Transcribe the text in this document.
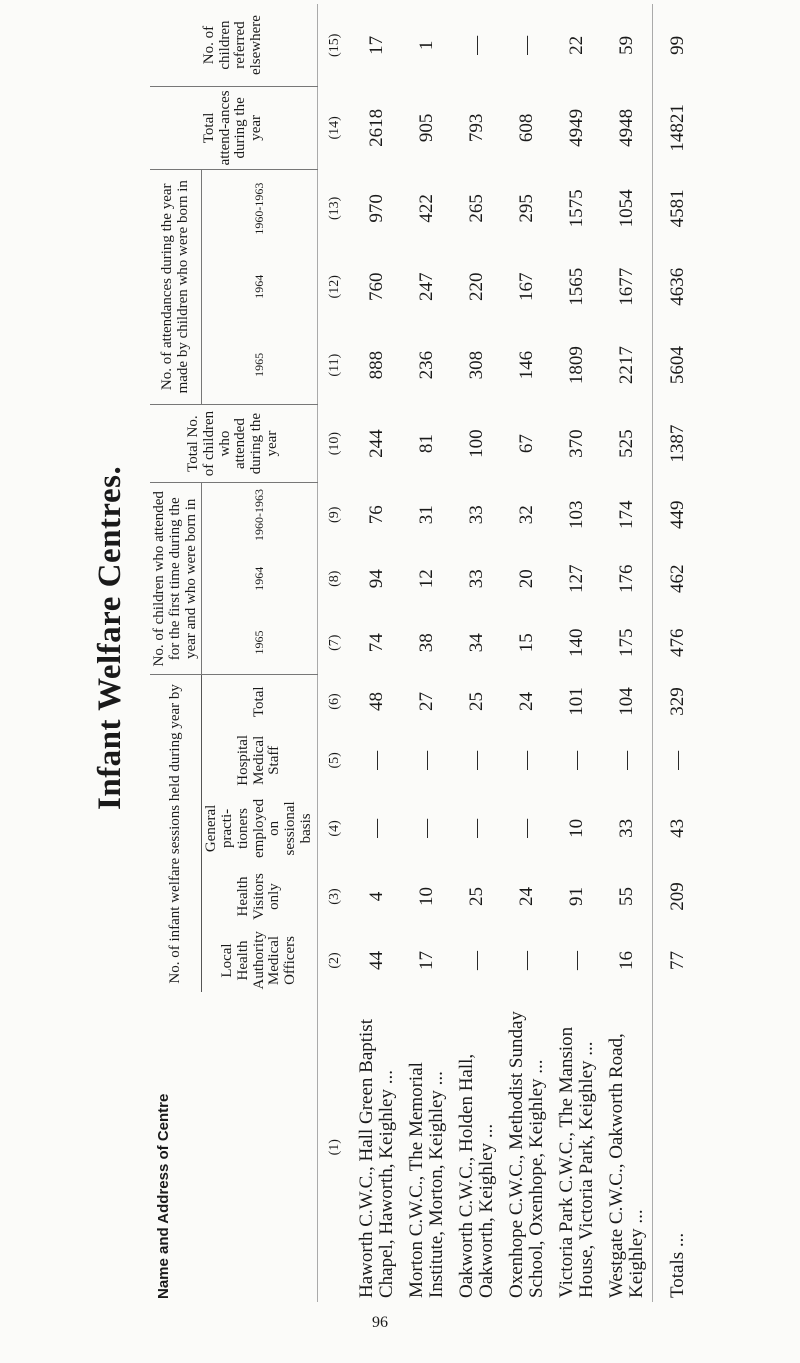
Infant Welfare Centres.
Name and Address of Centre	No. of infant welfare sessions held during year by					No. of children who attended for the first time during the year and who were born in			Total No. of children who attended during the year	No. of attendances during the year made by children who were born in			Total attend-ances during the year	No. of children referred elsewhere
	Local Health Authority Medical Officers	Health Visitors only	General practi-tioners employed on sessional basis	Hospital Medical Staff	Total									
						1965	1964	1960-1963		1965	1964	1960-1963		
(1)	(2)	(3)	(4)	(5)	(6)	(7)	(8)	(9)	(10)	(11)	(12)	(13)	(14)	(15)
Haworth C.W.C., Hall Green Baptist Chapel, Haworth, Keighley ...	44	4	—	—	48	74	94	76	244	888	760	970	2618	17
Morton C.W.C., The Memorial Institute, Morton, Keighley ...	17	10	—	—	27	38	12	31	81	236	247	422	905	1
Oakworth C.W.C., Holden Hall, Oakworth, Keighley ...	—	25	—	—	25	34	33	33	100	308	220	265	793	—
Oxenhope C.W.C., Methodist Sunday School, Oxenhope, Keighley ...	—	24	—	—	24	15	20	32	67	146	167	295	608	—
Victoria Park C.W.C., The Mansion House, Victoria Park, Keighley ...	—	91	10	—	101	140	127	103	370	1809	1565	1575	4949	22
Westgate C.W.C., Oakworth Road, Keighley ...	16	55	33	—	104	175	176	174	525	2217	1677	1054	4948	59
Totals ...	77	209	43	—	329	476	462	449	1387	5604	4636	4581	14821	99
96
